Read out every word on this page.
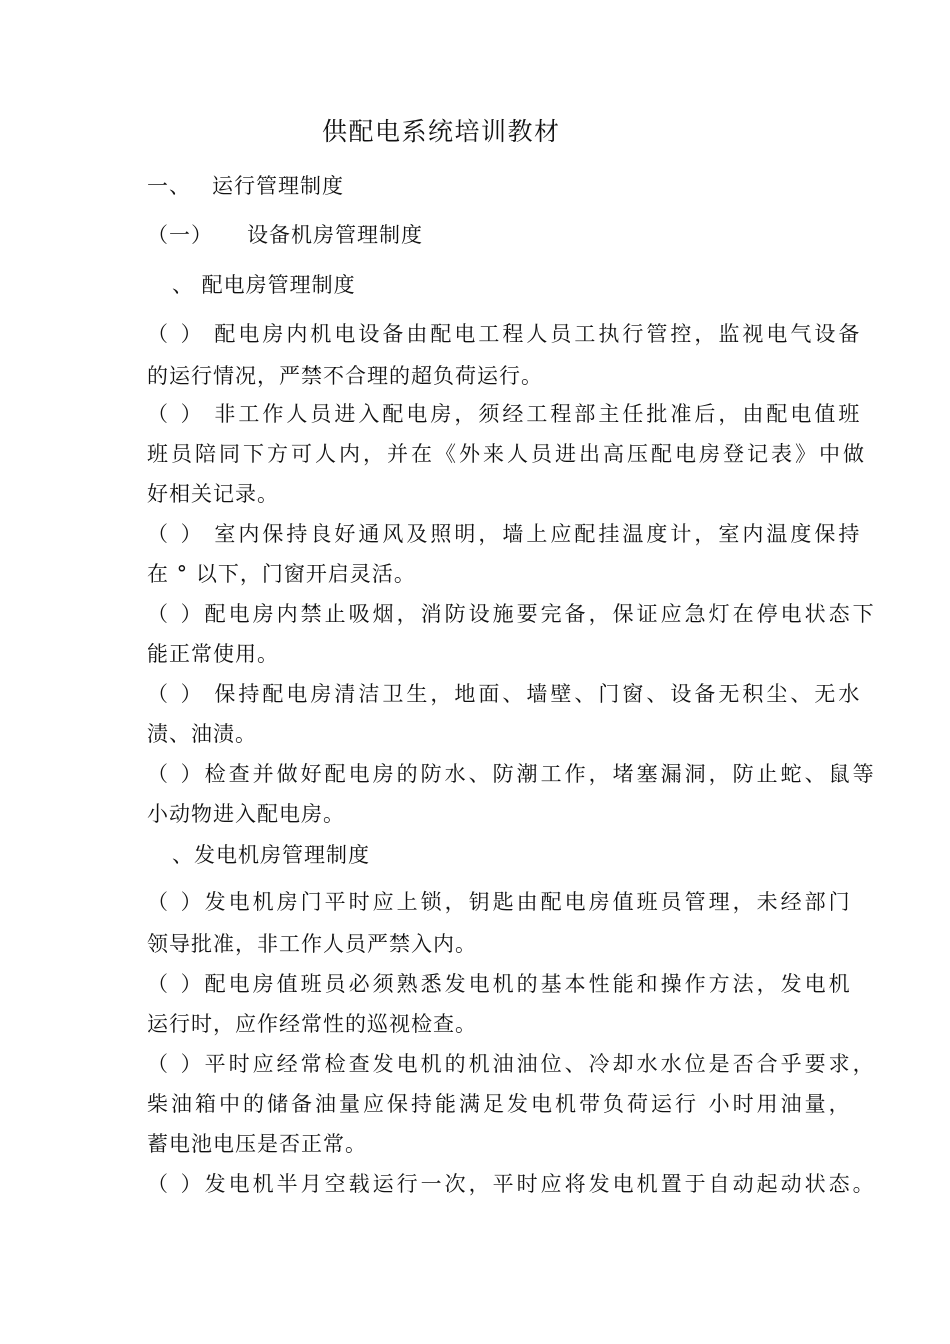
供配电系统培训教材
一、 运行管理制度
（一） 设备机房管理制度
、 配电房管理制度
（ ） 配电房内机电设备由配电工程人员工执行管控，监视电气设备
的运行情况，严禁不合理的超负荷运行。
（ ） 非工作人员进入配电房，须经工程部主任批准后，由配电值班
班员陪同下方可人内，并在《外来人员进出高压配电房登记表》中做
好相关记录。
（ ） 室内保持良好通风及照明，墙上应配挂温度计，室内温度保持
在 ° 以下，门窗开启灵活。
（ ）配电房内禁止吸烟，消防设施要完备，保证应急灯在停电状态下
能正常使用。
（ ） 保持配电房清洁卫生，地面、墙壁、门窗、设备无积尘、无水
渍、油渍。
（ ）检查并做好配电房的防水、防潮工作，堵塞漏洞，防止蛇、鼠等
小动物进入配电房。
、发电机房管理制度
（ ）发电机房门平时应上锁，钥匙由配电房值班员管理，未经部门
领导批准，非工作人员严禁入内。
（ ）配电房值班员必须熟悉发电机的基本性能和操作方法，发电机
运行时，应作经常性的巡视检查。
（ ）平时应经常检查发电机的机油油位、冷却水水位是否合乎要求，
柴油箱中的储备油量应保持能满足发电机带负荷运行 小时用油量，
蓄电池电压是否正常。
（ ）发电机半月空载运行一次，平时应将发电机置于自动起动状态。
